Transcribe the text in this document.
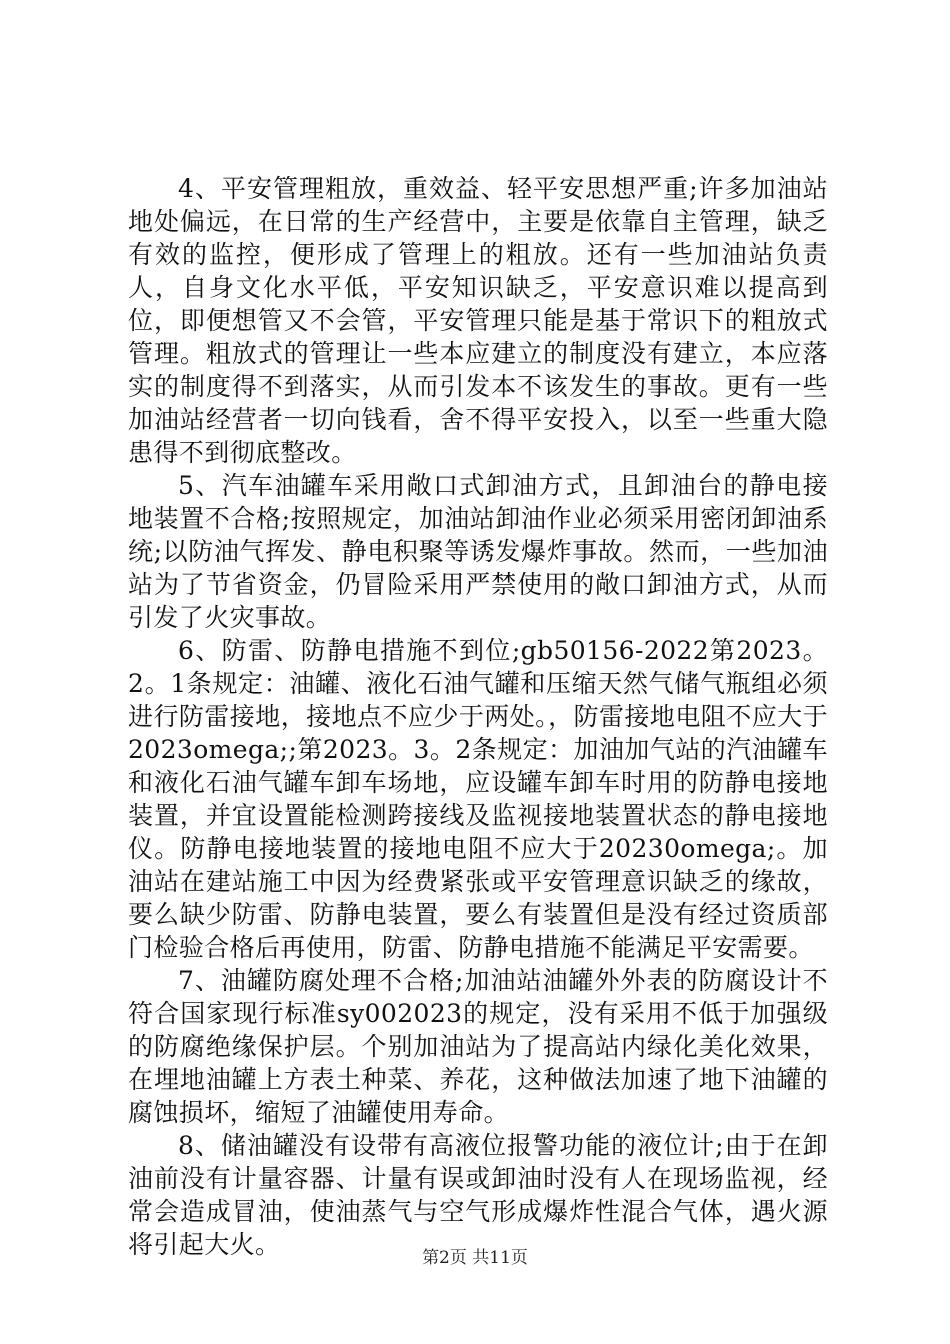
4、平安管理粗放，重效益、轻平安思想严重;许多加油站地处偏远，在日常的生产经营中，主要是依靠自主管理，缺乏有效的监控，便形成了管理上的粗放。还有一些加油站负责人，自身文化水平低，平安知识缺乏，平安意识难以提高到位，即便想管又不会管，平安管理只能是基于常识下的粗放式管理。粗放式的管理让一些本应建立的制度没有建立，本应落实的制度得不到落实，从而引发本不该发生的事故。更有一些加油站经营者一切向钱看，舍不得平安投入，以至一些重大隐患得不到彻底整改。

5、汽车油罐车采用敞口式卸油方式，且卸油台的静电接地装置不合格;按照规定，加油站卸油作业必须采用密闭卸油系统;以防油气挥发、静电积聚等诱发爆炸事故。然而，一些加油站为了节省资金，仍冒险采用严禁使用的敞口卸油方式，从而引发了火灾事故。

6、防雷、防静电措施不到位;gb50156-2022第2023。2。1条规定：油罐、液化石油气罐和压缩天然气储气瓶组必须进行防雷接地，接地点不应少于两处。，防雷接地电阻不应大于2023omega;;第2023。3。2条规定：加油加气站的汽油罐车和液化石油气罐车卸车场地，应设罐车卸车时用的防静电接地装置，并宜设置能检测跨接线及监视接地装置状态的静电接地仪。防静电接地装置的接地电阻不应大于20230omega;。加油站在建站施工中因为经费紧张或平安管理意识缺乏的缘故，要么缺少防雷、防静电装置，要么有装置但是没有经过资质部门检验合格后再使用，防雷、防静电措施不能满足平安需要。

7、油罐防腐处理不合格;加油站油罐外外表的防腐设计不符合国家现行标准sy002023的规定，没有采用不低于加强级的防腐绝缘保护层。个别加油站为了提高站内绿化美化效果，在埋地油罐上方表土种菜、养花，这种做法加速了地下油罐的腐蚀损坏，缩短了油罐使用寿命。

8、储油罐没有设带有高液位报警功能的液位计;由于在卸油前没有计量容器、计量有误或卸油时没有人在现场监视，经常会造成冒油，使油蒸气与空气形成爆炸性混合气体，遇火源将引起大火。	第2页 共11页
